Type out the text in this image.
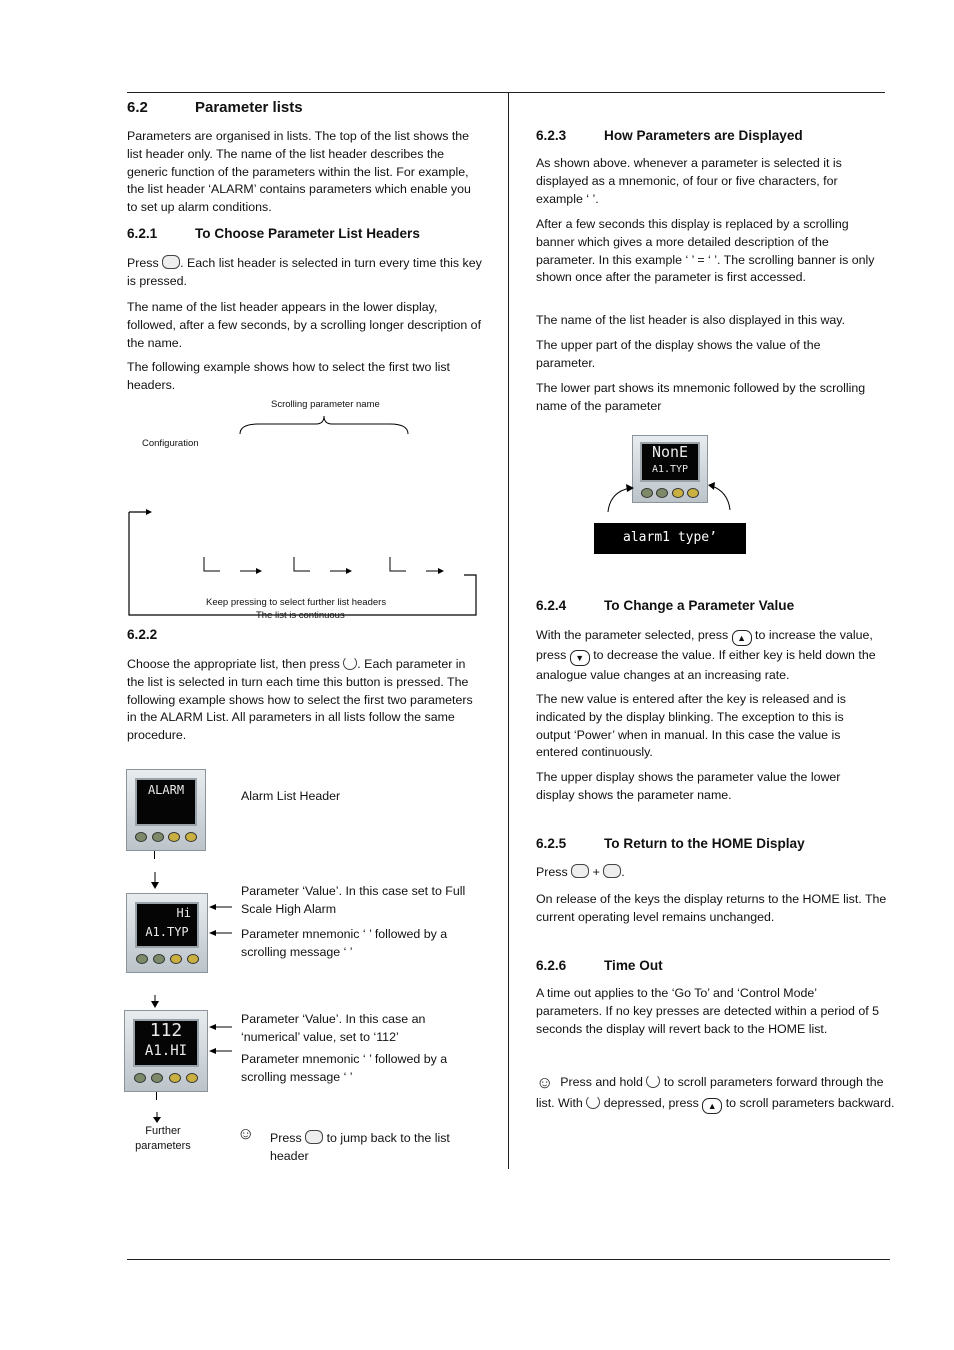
6.2	Parameter lists

Parameters are organised in lists. The top of the list shows the list header only. The name of the list header describes the generic function of the parameters within the list. For example, the list header ‘ALARM’ contains parameters which enable you to set up alarm conditions.

6.2.1	To Choose Parameter List Headers

Press . Each list header is selected in turn every time this key is pressed.

The name of the list header appears in the lower display, followed, after a few seconds, by a scrolling longer description of the name.

The following example shows how to select the first two list headers.

Scrolling parameter name
Configuration
Keep pressing to select further list headers
The list is continuous
6.2.2	To Locate a Parameter

Choose the appropriate list, then press . Each parameter in the list is selected in turn each time this button is pressed. The following example shows how to select the first two parameters in the ALARM List. All parameters in all lists follow the same procedure.

ALARM	Alarm List Header
Hi
A1.TYP

Parameter ‘Value’. In this case set to Full Scale High Alarm

Parameter mnemonic ‘ ’ followed by a scrolling message ‘ ’

112
A1.HI

Parameter ‘Value’. In this case an ‘numerical’ value, set to ‘112’

Parameter mnemonic ‘ ’ followed by a scrolling message ‘ ’

Further parameters
☺ Press to jump back to the list header

6.2.3	How Parameters are Displayed

As shown above. whenever a parameter is selected it is displayed as a mnemonic, of four or five characters, for example ‘ ’.

After a few seconds this display is replaced by a scrolling banner which gives a more detailed description of the parameter. In this example ‘ ’ = ‘ ’. The scrolling banner is only shown once after the parameter is first accessed.

The name of the list header is also displayed in this way.

The upper part of the display shows the value of the parameter.

The lower part shows its mnemonic followed by the scrolling name of the parameter

NonE
A1.TYP
alarm1 type’
6.2.4	To Change a Parameter Value

With the parameter selected, press ▲ to increase the value, press ▼ to decrease the value. If either key is held down the analogue value changes at an increasing rate.

The new value is entered after the key is released and is indicated by the display blinking. The exception to this is output ‘Power’ when in manual. In this case the value is entered continuously.

The upper display shows the parameter value the lower display shows the parameter name.

6.2.5	To Return to the HOME Display

Press + .

On release of the keys the display returns to the HOME list. The current operating level remains unchanged.

6.2.6	Time Out

A time out applies to the ‘Go To’ and ‘Control Mode’ parameters. If no key presses are detected within a period of 5 seconds the display will revert back to the HOME list.

☺ Press and hold to scroll parameters forward through the list. With depressed, press ▲ to scroll parameters backward.
